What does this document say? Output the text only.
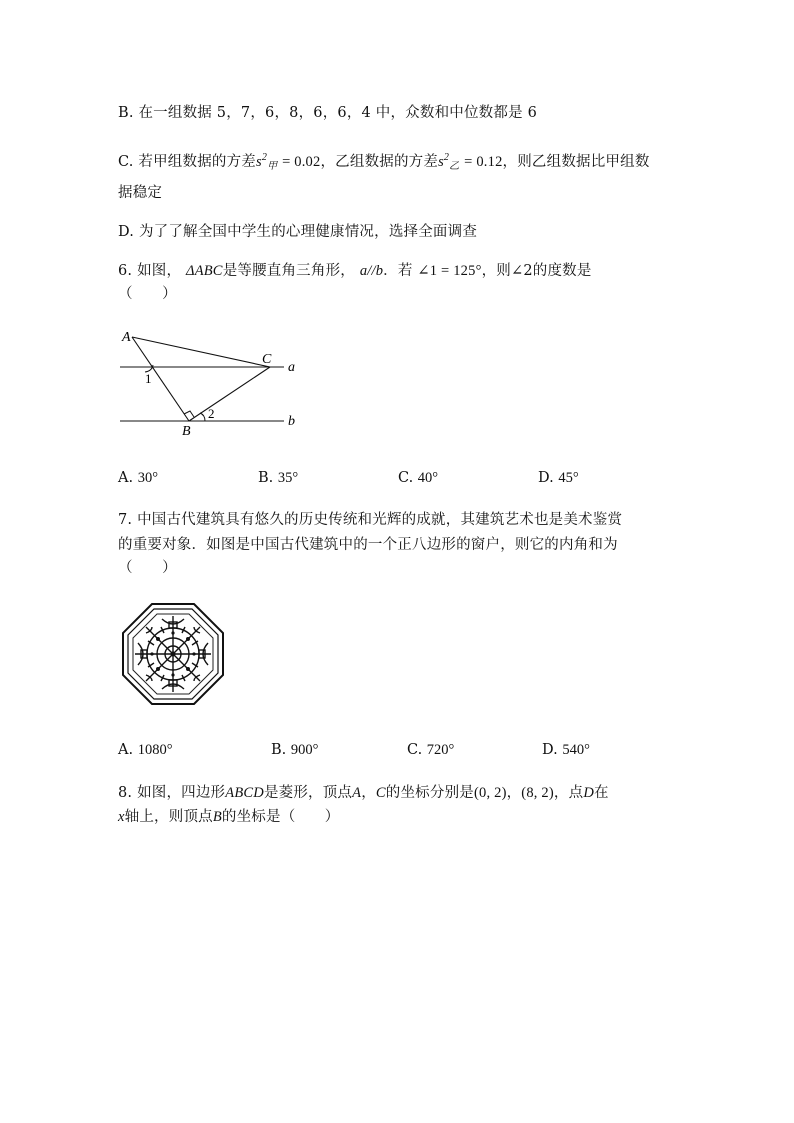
B. 在一组数据 5，7，6，8，6，6，4 中，众数和中位数都是 6
C. 若甲组数据的方差$s^2_甲 = 0.02$，乙组数据的方差$s^2_乙 = 0.12$，则乙组数据比甲组数
据稳定
D. 为了了解全国中学生的心理健康情况，选择全面调查
6. 如图， ΔABC是等腰直角三角形， a//b．若 ∠1 = 125°，则∠2的度数是
（　　）
A
C
a
b
B
1
2
A. 30°	B. 35°	C. 40°	D. 45°
7. 中国古代建筑具有悠久的历史传统和光辉的成就，其建筑艺术也是美术鉴赏
的重要对象．如图是中国古代建筑中的一个正八边形的窗户，则它的内角和为
（　　）
A. 1080°	B. 900°	C. 720°	D. 540°
8. 如图，四边形ABCD是菱形，顶点A，C的坐标分别是(0, 2)，(8, 2)，点D在
x轴上，则顶点B的坐标是（　　）
